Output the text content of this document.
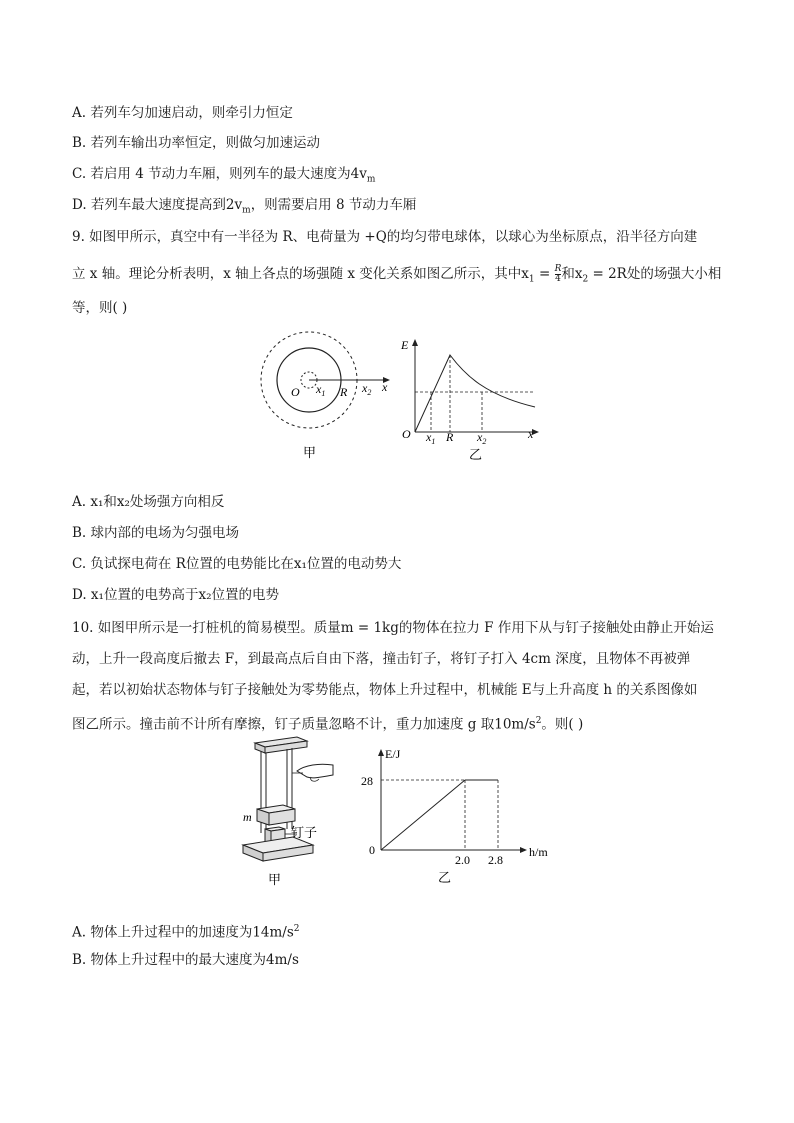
A. 若列车匀加速启动，则牵引力恒定
B. 若列车输出功率恒定，则做匀加速运动
C. 若启用 4 节动力车厢，则列车的最大速度为$4v_m$
D. 若列车最大速度提高到$2v_m$，则需要启用 8 节动力车厢
9. 如图甲所示，真空中有一半径为 R、电荷量为 +Q的均匀带电球体，以球心为坐标原点，沿半径方向建
立 x 轴。理论分析表明，x 轴上各点的场强随 x 变化关系如图乙所示，其中$x_1 = \frac{R}{4}$ 和$x_2 = 2R$处的场强大小相
等，则( )
O $x_1$ R $x_2$ x
甲
E
O $x_1$ R $x_2$
x
乙
A. x₁和x₂处场强方向相反
B. 球内部的电场为匀强电场
C. 负试探电荷在 R位置的电势能比在x₁位置的电动势大
D. x₁位置的电势高于x₂位置的电势
10. 如图甲所示是一打桩机的简易模型。质量m = 1kg的物体在拉力 F 作用下从与钉子接触处由静止开始运
动，上升一段高度后撤去 F，到最高点后自由下落，撞击钉子，将钉子打入 4cm 深度，且物体不再被弹
起，若以初始状态物体与钉子接触处为零势能点，物体上升过程中，机械能 E与上升高度 h 的关系图像如
图乙所示。撞击前不计所有摩擦，钉子质量忽略不计，重力加速度 g 取$10m/s^2$。则( )
m
钉子
甲
E/J
h/m
28
0
2.0 2.8
乙
A. 物体上升过程中的加速度为$14m/s^2$
B. 物体上升过程中的最大速度为4m/s
